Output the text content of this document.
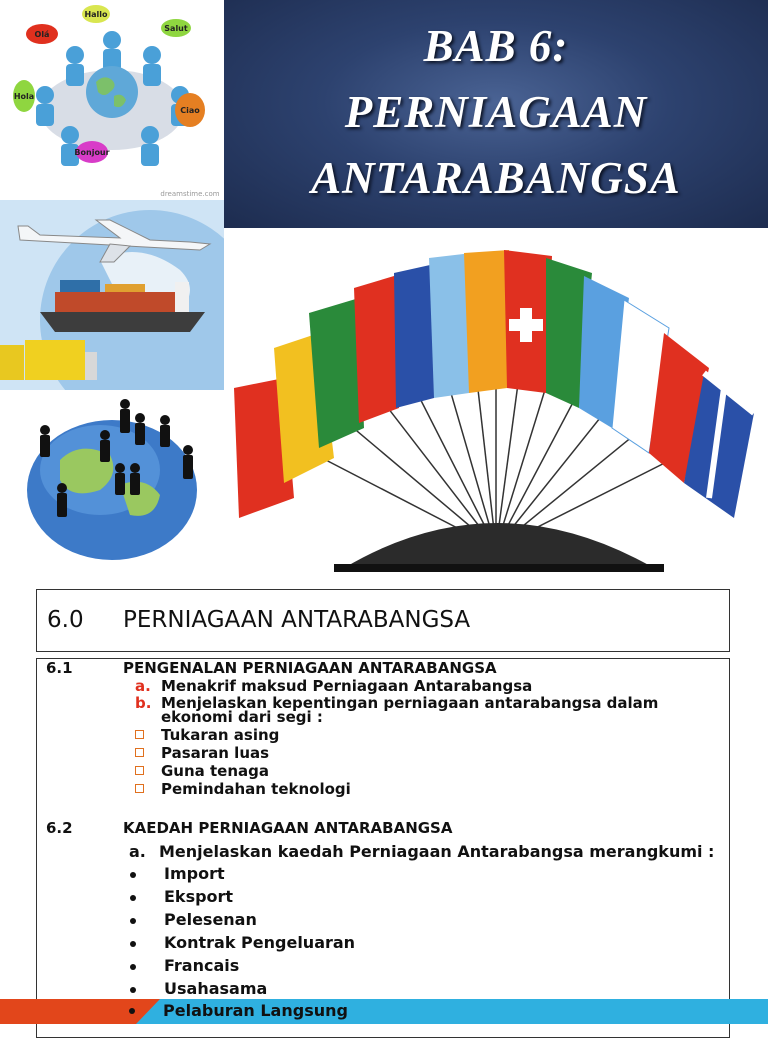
Olá
Hallo
Salut
Hola
Ciao
Bonjour
dreamstime.com
BAB 6:
PERNIAGAAN
ANTARABANGSA
6.0 PERNIAGAAN ANTARABANGSA
6.1	PENGENALAN PERNIAGAAN ANTARABANGSA
a. Menakrif maksud Perniagaan Antarabangsa
b. Menjelaskan kepentingan perniagaan antarabangsa dalam
ekonomi dari segi :
Tukaran asing
Pasaran luas
Guna tenaga
Pemindahan teknologi
6.2	KAEDAH PERNIAGAAN ANTARABANGSA
a. Menjelaskan kaedah Perniagaan Antarabangsa merangkumi :
Import
Eksport
Pelesenan
Kontrak Pengeluaran
Francais
Usahasama
Pelaburan Langsung
